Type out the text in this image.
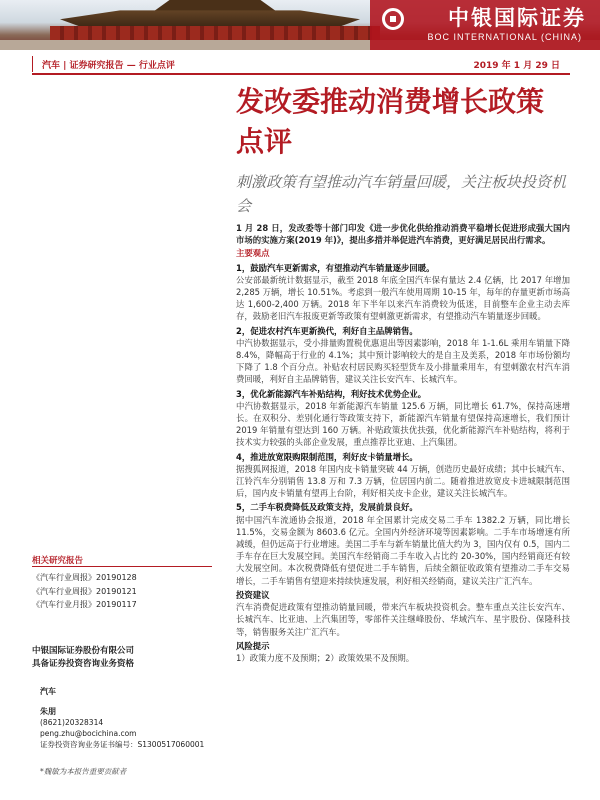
中银国际证券
BOC INTERNATIONAL (CHINA)
汽车 | 证券研究报告 — 行业点评	2019 年 1 月 29 日
发改委推动消费增长政策点评
刺激政策有望推动汽车销量回暖，关注板块投资机会

1 月 28 日，发改委等十部门印发《进一步优化供给推动消费平稳增长促进形成强大国内市场的实施方案(2019 年)》，提出多措并举促进汽车消费，更好满足居民出行需求。

主要观点

1，鼓励汽车更新需求，有望推动汽车销量逐步回暖。

公安部最新统计数据显示，截至 2018 年底全国汽车保有量达 2.4 亿辆，比 2017 年增加 2,285 万辆，增长 10.51%。考虑到一般汽车使用周期 10-15 年，每年的存量更新市场高达 1,600-2,400 万辆。2018 年下半年以来汽车消费较为低迷，目前整车企业主动去库存，鼓励老旧汽车报废更新等政策有望刺激更新需求，有望推动汽车销量逐步回暖。

2，促进农村汽车更新换代，利好自主品牌销售。

中汽协数据显示，受小排量购置税优惠退出等因素影响，2018 年 1-1.6L 乘用车销量下降 8.4%，降幅高于行业的 4.1%；其中预计影响较大的是自主及美系，2018 年市场份额均下降了 1.8 个百分点。补贴农村居民购买轻型货车及小排量乘用车，有望刺激农村汽车消费回暖，利好自主品牌销售，建议关注长安汽车、长城汽车。

3，优化新能源汽车补贴结构，利好技术优势企业。

中汽协数据显示，2018 年新能源汽车销量 125.6 万辆，同比增长 61.7%，保持高速增长。在双积分、差别化通行等政策支持下，新能源汽车销量有望保持高速增长，我们预计 2019 年销量有望达到 160 万辆。补贴政策扶优扶强，优化新能源汽车补贴结构，将利于技术实力较强的头部企业发展，重点推荐比亚迪、上汽集团。

4，推进放宽限购限制范围，利好皮卡销量增长。

据搜狐网报道，2018 年国内皮卡销量突破 44 万辆，创造历史最好成绩；其中长城汽车、江铃汽车分别销售 13.8 万和 7.3 万辆，位居国内前二。随着推进放宽皮卡进城限制范围后，国内皮卡销量有望再上台阶，利好相关皮卡企业，建议关注长城汽车。

5，二手车税费降低及政策支持，发展前景良好。

据中国汽车流通协会报道，2018 年全国累计完成交易二手车 1382.2 万辆，同比增长 11.5%，交易金额为 8603.6 亿元。全国内外经济环境等因素影响。二手车市场增速有所减缓，但仍远高于行业增速。美国二手车与新车销量比值大约为 3，国内仅有 0.5，国内二手车存在巨大发展空间。美国汽车经销商二手车收入占比约 20-30%，国内经销商还有较大发展空间。本次税费降低有望促进二手车销售，后续全额征收政策有望推动二手车交易增长，二手车销售有望迎来持续快速发展，利好相关经销商，建议关注广汇汽车。

投资建议

汽车消费促进政策有望推动销量回暖，带来汽车板块投资机会。整车重点关注长安汽车、长城汽车、比亚迪、上汽集团等，零部件关注继峰股份、华域汽车、星宇股份、保隆科技等，销售服务关注广汇汽车。

风险提示

1）政策力度不及预期；2）政策效果不及预期。

相关研究报告
《汽车行业周报》20190128
《汽车行业周报》20190121
《汽车行业月报》20190117
中银国际证券股份有限公司
具备证券投资咨询业务资格
汽车
朱朋
(8621)20328314
peng.zhu@bocichina.com
证券投资咨询业务证书编号：S1300517060001
*魏敏为本报告重要贡献者
